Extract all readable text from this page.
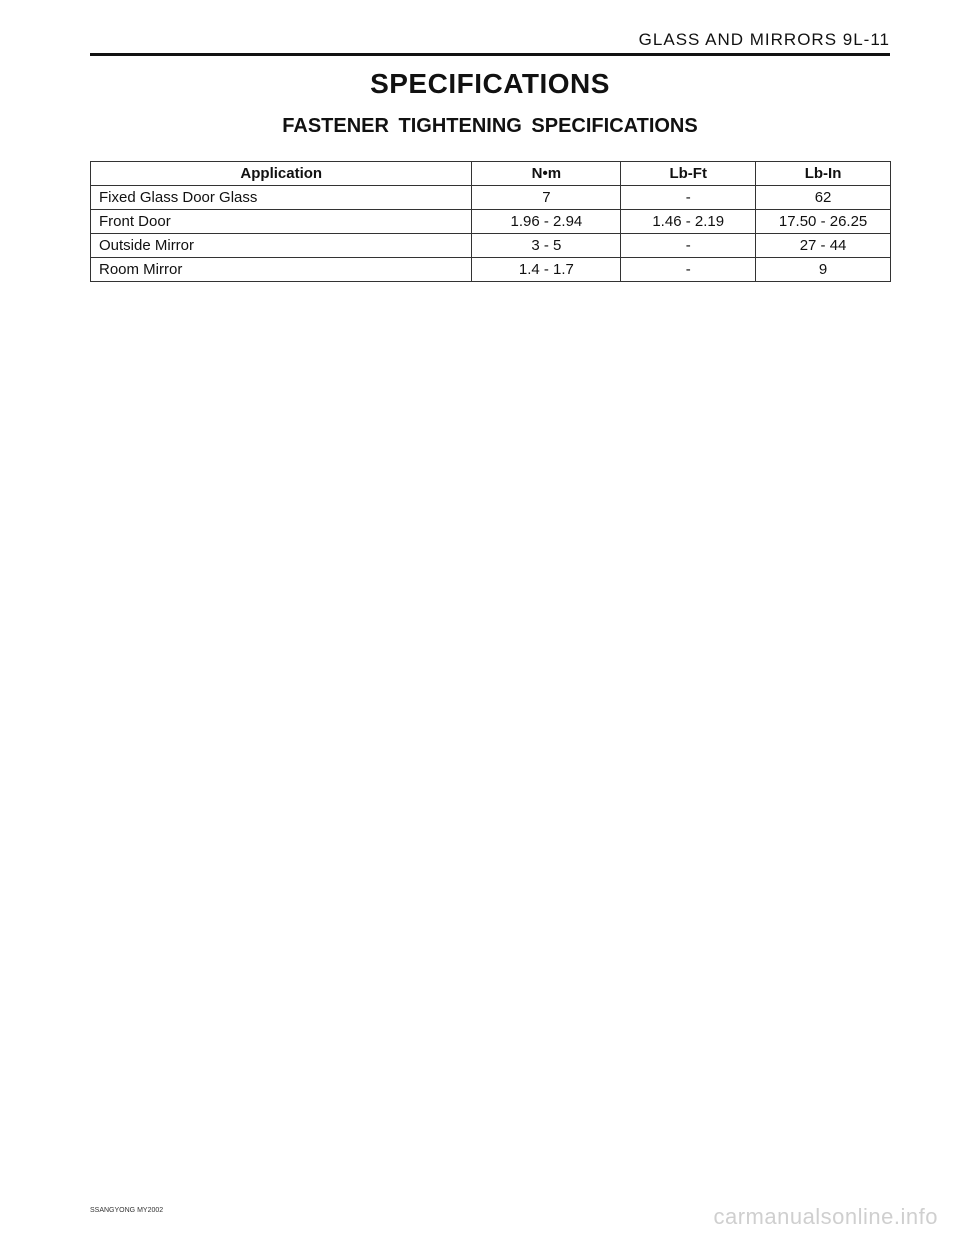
GLASS AND MIRRORS 9L-11
SPECIFICATIONS
FASTENER TIGHTENING SPECIFICATIONS
Application	N•m	Lb-Ft	Lb-In
Fixed Glass Door Glass	7	-	62
Front Door	1.96 - 2.94	1.46 - 2.19	17.50 - 26.25
Outside Mirror	3 - 5	-	27 - 44
Room Mirror	1.4 - 1.7	-	9
SSANGYONG MY2002	carmanualsonline.info
